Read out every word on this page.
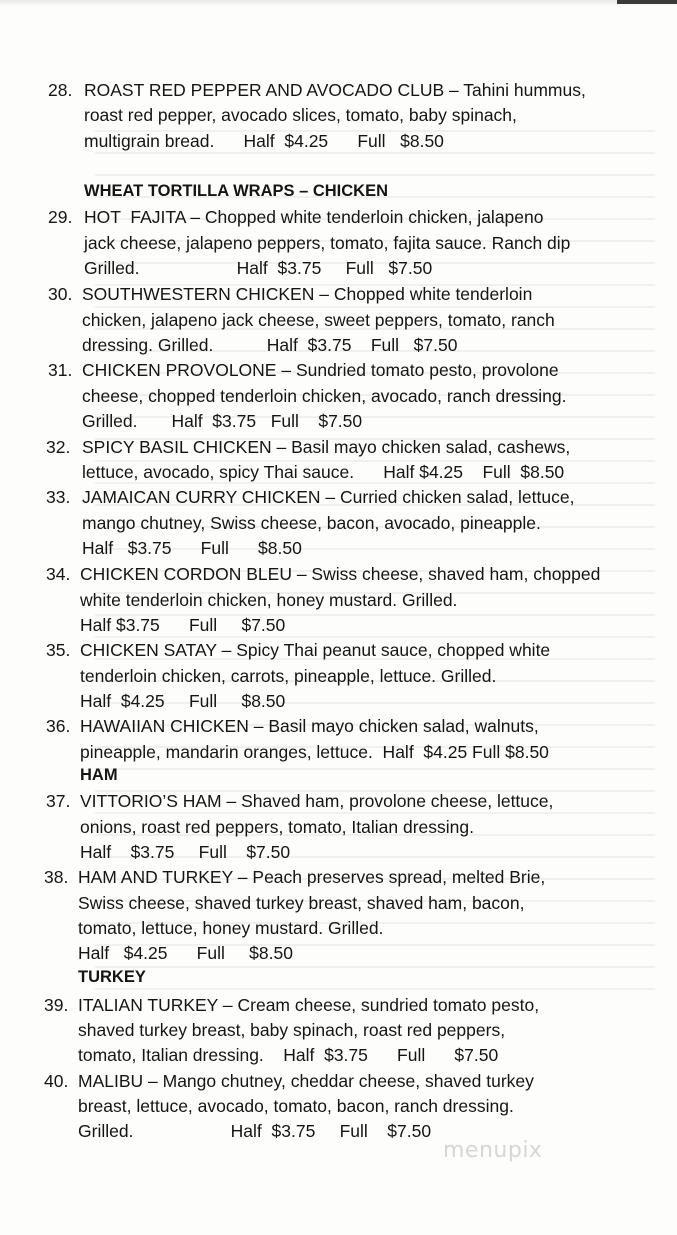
28. ROAST RED PEPPER AND AVOCADO CLUB – Tahini hummus,
roast red pepper, avocado slices, tomato, baby spinach,
multigrain bread.      Half  $4.25      Full   $8.50
WHEAT TORTILLA WRAPS – CHICKEN
29. HOT  FAJITA – Chopped white tenderloin chicken, jalapeno
jack cheese, jalapeno peppers, tomato, fajita sauce. Ranch dip
Grilled.                    Half  $3.75     Full   $7.50
30. SOUTHWESTERN CHICKEN – Chopped white tenderloin
chicken, jalapeno jack cheese, sweet peppers, tomato, ranch
dressing. Grilled.           Half  $3.75    Full   $7.50
31. CHICKEN PROVOLONE – Sundried tomato pesto, provolone
cheese, chopped tenderloin chicken, avocado, ranch dressing.
Grilled.       Half  $3.75   Full    $7.50
32. SPICY BASIL CHICKEN – Basil mayo chicken salad, cashews,
lettuce, avocado, spicy Thai sauce.      Half $4.25    Full  $8.50
33. JAMAICAN CURRY CHICKEN – Curried chicken salad, lettuce,
mango chutney, Swiss cheese, bacon, avocado, pineapple.
Half   $3.75      Full      $8.50
34. CHICKEN CORDON BLEU – Swiss cheese, shaved ham, chopped
white tenderloin chicken, honey mustard. Grilled.
Half $3.75      Full     $7.50
35. CHICKEN SATAY – Spicy Thai peanut sauce, chopped white
tenderloin chicken, carrots, pineapple, lettuce. Grilled.
Half  $4.25     Full     $8.50
36. HAWAIIAN CHICKEN – Basil mayo chicken salad, walnuts,
pineapple, mandarin oranges, lettuce.  Half  $4.25 Full $8.50
HAM
37. VITTORIO’S HAM – Shaved ham, provolone cheese, lettuce,
onions, roast red peppers, tomato, Italian dressing.
Half    $3.75     Full    $7.50
38. HAM AND TURKEY – Peach preserves spread, melted Brie,
Swiss cheese, shaved turkey breast, shaved ham, bacon,
tomato, lettuce, honey mustard. Grilled.
Half   $4.25      Full     $8.50
TURKEY
39. ITALIAN TURKEY – Cream cheese, sundried tomato pesto,
shaved turkey breast, baby spinach, roast red peppers,
tomato, Italian dressing.    Half  $3.75      Full      $7.50
40. MALIBU – Mango chutney, cheddar cheese, shaved turkey
breast, lettuce, avocado, tomato, bacon, ranch dressing.
Grilled.                    Half  $3.75     Full    $7.50
menupix
